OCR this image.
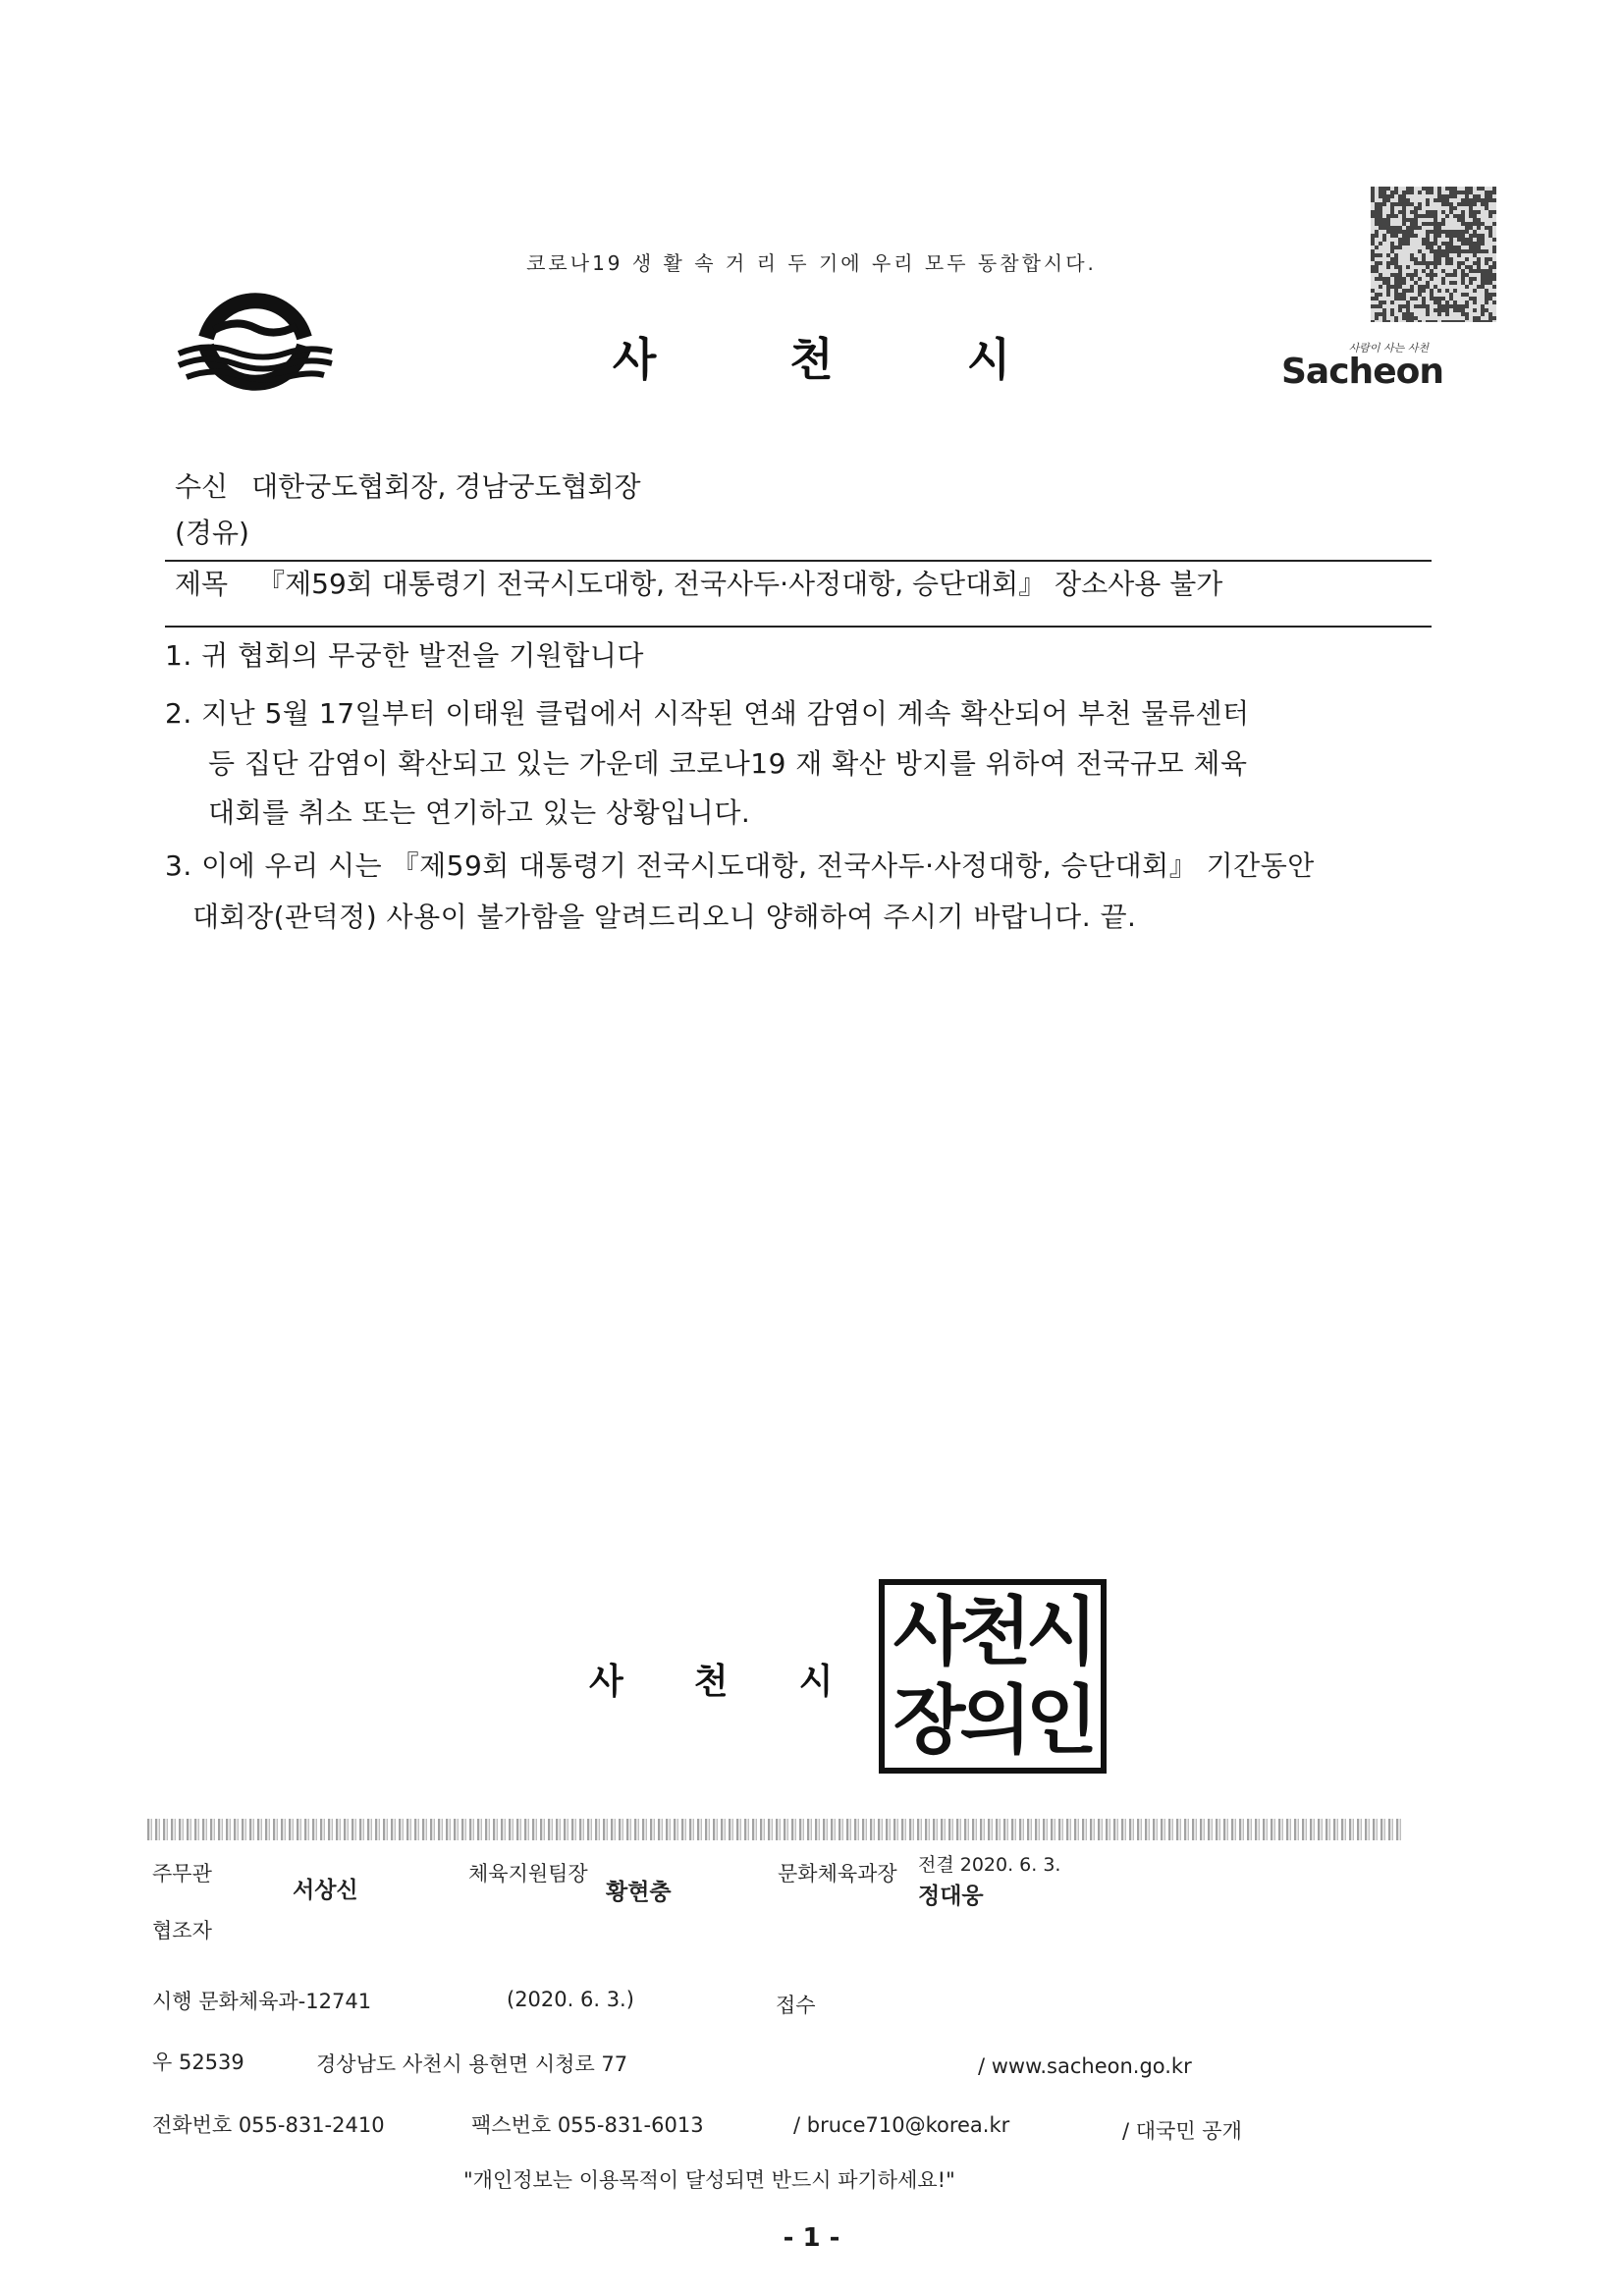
코로나19 생 활 속 거 리 두 기에 우리 모두 동참합시다.
사	천	시	사람이 사는 사천
Sacheon
수신 대한궁도협회장, 경남궁도협회장
(경유)
제목 『제59회 대통령기 전국시도대항, 전국사두·사정대항, 승단대회』 장소사용 불가
1. 귀 협회의 무궁한 발전을 기원합니다
2. 지난 5월 17일부터 이태원 클럽에서 시작된 연쇄 감염이 계속 확산되어 부천 물류센터
등 집단 감염이 확산되고 있는 가운데 코로나19 재 확산 방지를 위하여 전국규모 체육
대회를 취소 또는 연기하고 있는 상황입니다.
3. 이에 우리 시는 『제59회 대통령기 전국시도대항, 전국사두·사정대항, 승단대회』 기간동안
대회장(관덕정) 사용이 불가함을 알려드리오니 양해하여 주시기 바랍니다. 끝.
사 천 시
사천시
장의인
주무관
서상신
체육지원팀장
황현충
문화체육과장 전결 2020. 6. 3.
정대웅
협조자
시행 문화체육과-12741	(2020. 6. 3.)	접수
우 52539	경상남도 사천시 용현면 시청로 77	/ www.sacheon.go.kr
전화번호 055-831-2410	팩스번호 055-831-6013	/ bruce710@korea.kr	/ 대국민 공개
"개인정보는 이용목적이 달성되면 반드시 파기하세요!"
- 1 -
